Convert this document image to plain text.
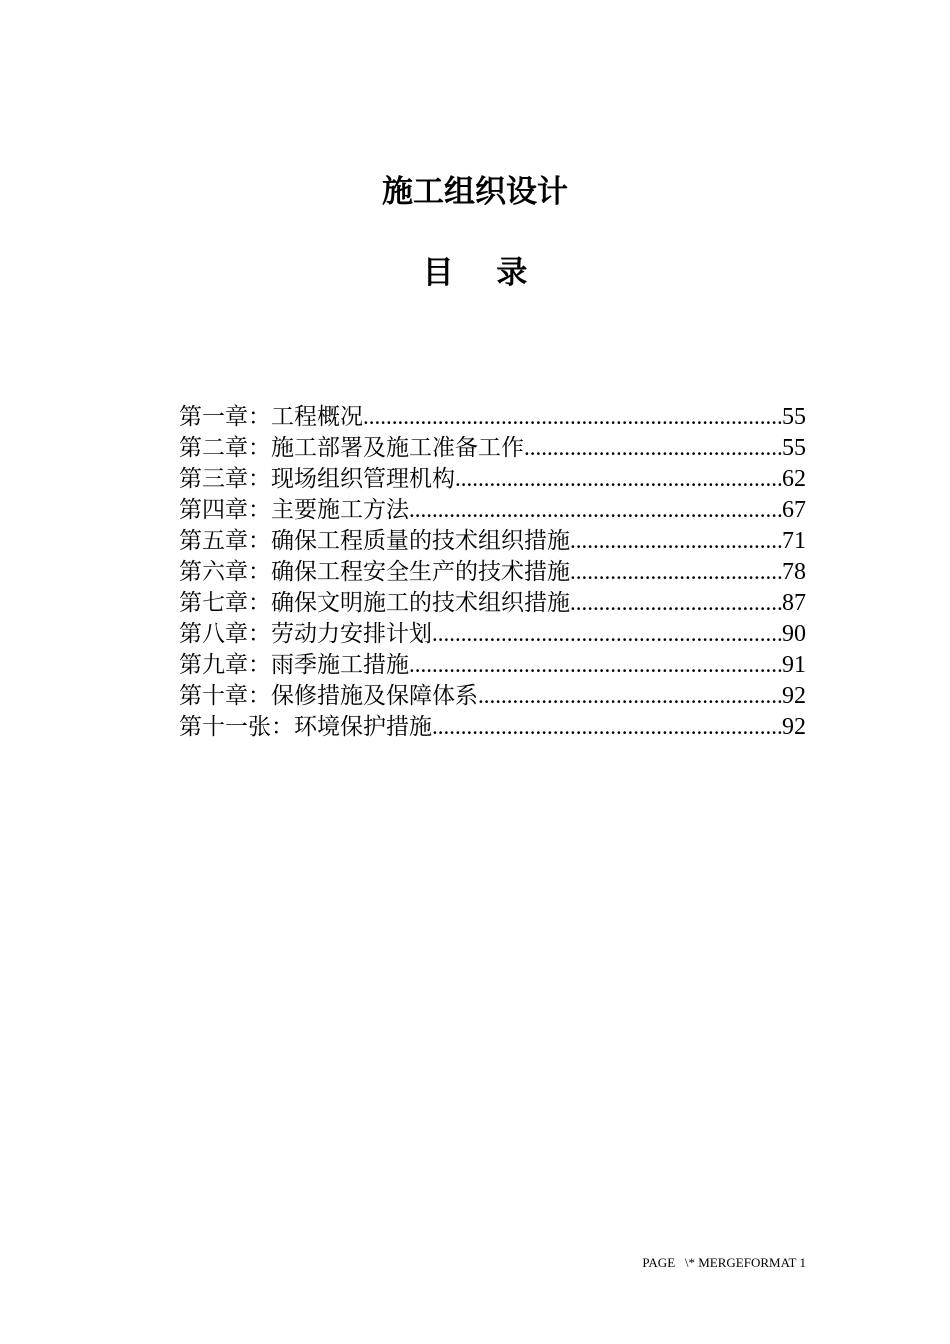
施工组织设计
目 录
第一章：工程概况 .....	55
第二章：施工部署及施工准备工作 .....	55
第三章：现场组织管理机构 .....	62
第四章：主要施工方法 .....	67
第五章：确保工程质量的技术组织措施 .....	71
第六章：确保工程安全生产的技术措施 .....	78
第七章：确保文明施工的技术组织措施 .....	87
第八章：劳动力安排计划 .....	90
第九章：雨季施工措施 .....	91
第十章：保修措施及保障体系 .....	92
第十一张：环境保护措施 .....	92
PAGE   \* MERGEFORMAT 1
